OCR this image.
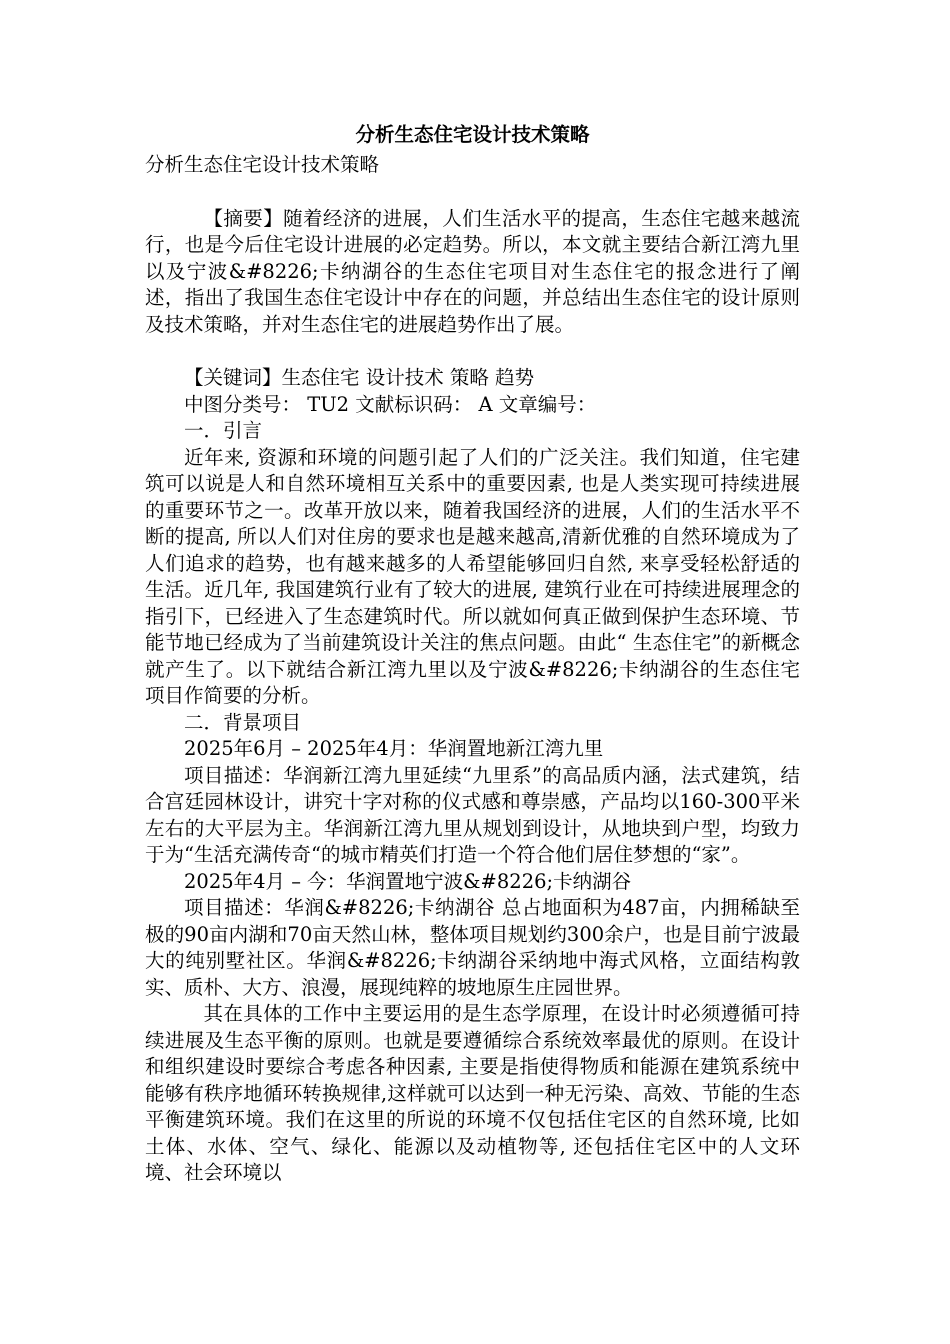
分析生态住宅设计技术策略

分析生态住宅设计技术策略

【摘要】随着经济的进展，人们生活水平的提高，生态住宅越来越流行，也是今后住宅设计进展的必定趋势。所以，本文就主要结合新江湾九里以及宁波&#8226;卡纳湖谷的生态住宅项目对生态住宅的报念进行了阐述，指出了我国生态住宅设计中存在的问题，并总结出生态住宅的设计原则及技术策略，并对生态住宅的进展趋势作出了展。

【关键词】生态住宅 设计技术 策略 趋势

中图分类号： TU2 文献标识码： A 文章编号：

一．引言

近年来, 资源和环境的问题引起了人们的广泛关注。我们知道，住宅建筑可以说是人和自然环境相互关系中的重要因素, 也是人类实现可持续进展的重要环节之一。改革开放以来，随着我国经济的进展，人们的生活水平不断的提高, 所以人们对住房的要求也是越来越高,清新优雅的自然环境成为了人们追求的趋势，也有越来越多的人希望能够回归自然, 来享受轻松舒适的生活。近几年, 我国建筑行业有了较大的进展, 建筑行业在可持续进展理念的指引下，已经进入了生态建筑时代。所以就如何真正做到保护生态环境、节能节地已经成为了当前建筑设计关注的焦点问题。由此“ 生态住宅”的新概念就产生了。以下就结合新江湾九里以及宁波&#8226;卡纳湖谷的生态住宅项目作简要的分析。

二．背景项目

2025年6月 – 2025年4月：华润置地新江湾九里

项目描述：华润新江湾九里延续“九里系”的高品质内涵，法式建筑，结合宫廷园林设计，讲究十字对称的仪式感和尊崇感，产品均以160-300平米左右的大平层为主。华润新江湾九里从规划到设计，从地块到户型，均致力于为“生活充满传奇“的城市精英们打造一个符合他们居住梦想的“家”。

2025年4月 – 今：华润置地宁波&#8226;卡纳湖谷

项目描述：华润&#8226;卡纳湖谷 总占地面积为487亩，内拥稀缺至极的90亩内湖和70亩天然山林，整体项目规划约300余户，也是目前宁波最大的纯别墅社区。华润&#8226;卡纳湖谷采纳地中海式风格，立面结构敦实、质朴、大方、浪漫，展现纯粹的坡地原生庄园世界。

其在具体的工作中主要运用的是生态学原理，在设计时必须遵循可持续进展及生态平衡的原则。也就是要遵循综合系统效率最优的原则。在设计和组织建设时要综合考虑各种因素, 主要是指使得物质和能源在建筑系统中能够有秩序地循环转换规律,这样就可以达到一种无污染、高效、节能的生态平衡建筑环境。我们在这里的所说的环境不仅包括住宅区的自然环境, 比如土体、水体、空气、绿化、能源以及动植物等, 还包括住宅区中的人文环境、社会环境以
